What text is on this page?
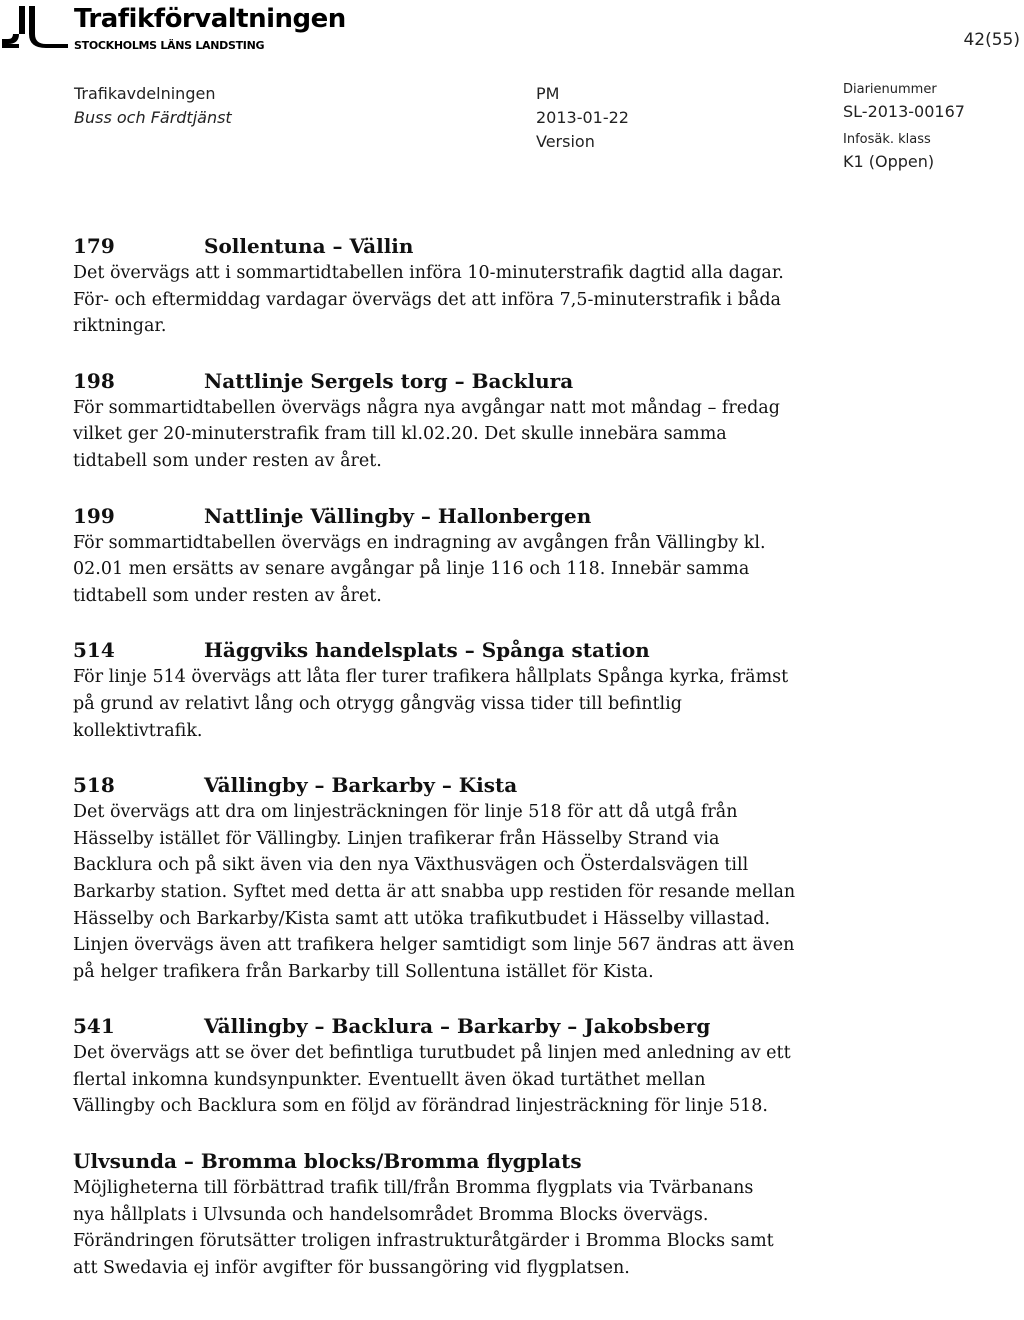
Trafikförvaltningen
STOCKHOLMS LÄNS LANDSTING	42(55)
Trafikavdelningen
Buss och Färdtjänst
PM
2013-01-22
Version
Diarienummer
SL-2013-00167
Infosäk. klass
K1 (Oppen)
179	Sollentuna – Vällin
Det övervägs att i sommartidtabellen införa 10-minuterstrafik dagtid alla dagar.
För- och eftermiddag vardagar övervägs det att införa 7,5-minuterstrafik i båda
riktningar.
198	Nattlinje Sergels torg – Backlura
För sommartidtabellen övervägs några nya avgångar natt mot måndag – fredag
vilket ger 20-minuterstrafik fram till kl.02.20. Det skulle innebära samma
tidtabell som under resten av året.
199	Nattlinje Vällingby – Hallonbergen
För sommartidtabellen övervägs en indragning av avgången från Vällingby kl.
02.01 men ersätts av senare avgångar på linje 116 och 118. Innebär samma
tidtabell som under resten av året.
514	Häggviks handelsplats – Spånga station
För linje 514 övervägs att låta fler turer trafikera hållplats Spånga kyrka, främst
på grund av relativt lång och otrygg gångväg vissa tider till befintlig
kollektivtrafik.
518	Vällingby – Barkarby – Kista
Det övervägs att dra om linjesträckningen för linje 518 för att då utgå från
Hässelby istället för Vällingby. Linjen trafikerar från Hässelby Strand via
Backlura och på sikt även via den nya Växthusvägen och Österdalsvägen till
Barkarby station. Syftet med detta är att snabba upp restiden för resande mellan
Hässelby och Barkarby/Kista samt att utöka trafikutbudet i Hässelby villastad.
Linjen övervägs även att trafikera helger samtidigt som linje 567 ändras att även
på helger trafikera från Barkarby till Sollentuna istället för Kista.
541	Vällingby – Backlura – Barkarby – Jakobsberg
Det övervägs att se över det befintliga turutbudet på linjen med anledning av ett
flertal inkomna kundsynpunkter. Eventuellt även ökad turtäthet mellan
Vällingby och Backlura som en följd av förändrad linjesträckning för linje 518.
Ulvsunda – Bromma blocks/Bromma flygplats
Möjligheterna till förbättrad trafik till/från Bromma flygplats via Tvärbanans
nya hållplats i Ulvsunda och handelsområdet Bromma Blocks övervägs.
Förändringen förutsätter troligen infrastrukturåtgärder i Bromma Blocks samt
att Swedavia ej inför avgifter för bussangöring vid flygplatsen.
